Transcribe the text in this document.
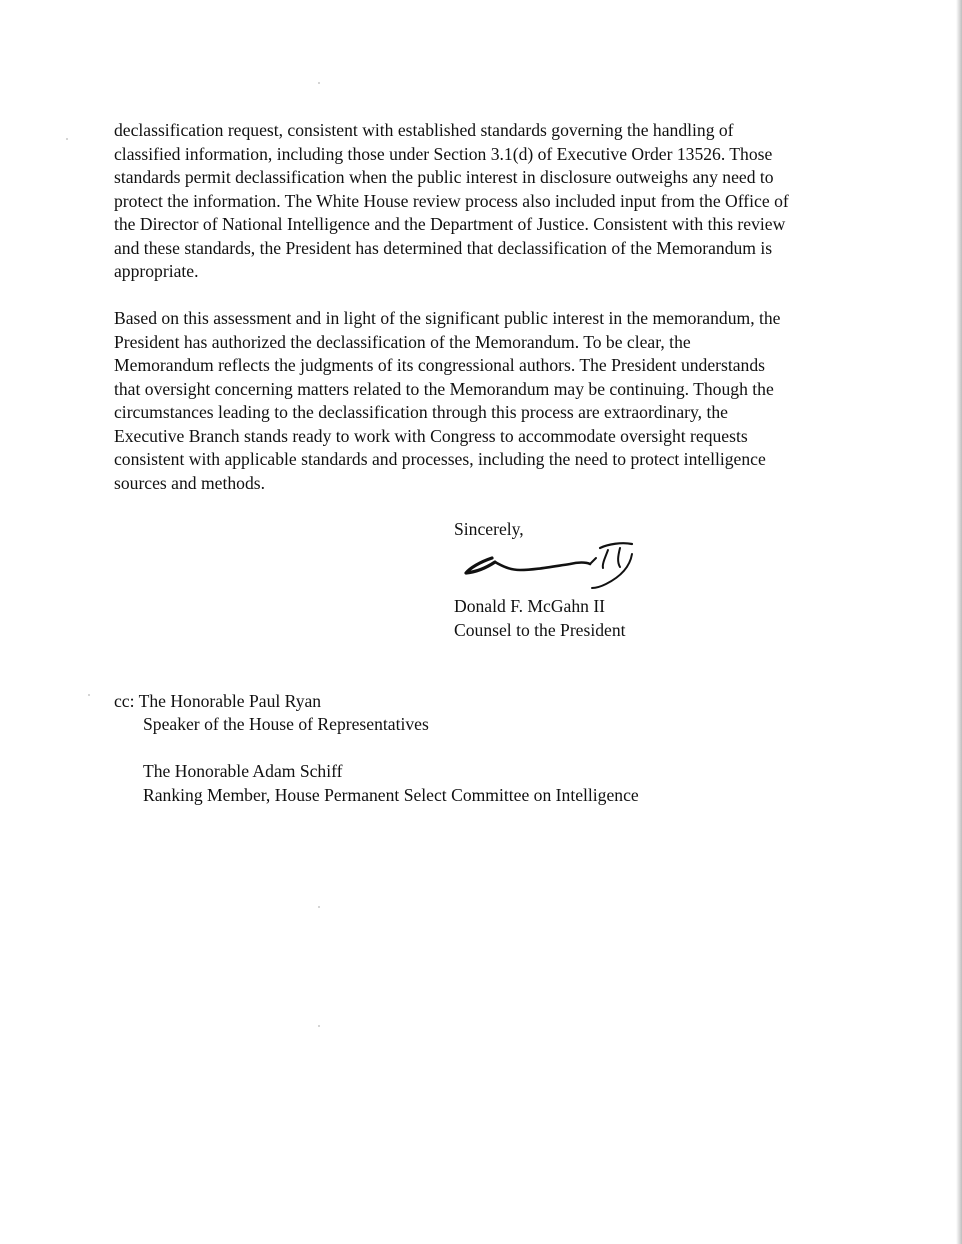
declassification request, consistent with established standards governing the handling of
classified information, including those under Section 3.1(d) of Executive Order 13526. Those
standards permit declassification when the public interest in disclosure outweighs any need to
protect the information. The White House review process also included input from the Office of
the Director of National Intelligence and the Department of Justice. Consistent with this review
and these standards, the President has determined that declassification of the Memorandum is
appropriate.

Based on this assessment and in light of the significant public interest in the memorandum, the
President has authorized the declassification of the Memorandum. To be clear, the
Memorandum reflects the judgments of its congressional authors. The President understands
that oversight concerning matters related to the Memorandum may be continuing. Though the
circumstances leading to the declassification through this process are extraordinary, the
Executive Branch stands ready to work with Congress to accommodate oversight requests
consistent with applicable standards and processes, including the need to protect intelligence
sources and methods.

Sincerely,

Donald F. McGahn II

Counsel to the President

cc: The Honorable Paul Ryan

Speaker of the House of Representatives

The Honorable Adam Schiff

Ranking Member, House Permanent Select Committee on Intelligence
